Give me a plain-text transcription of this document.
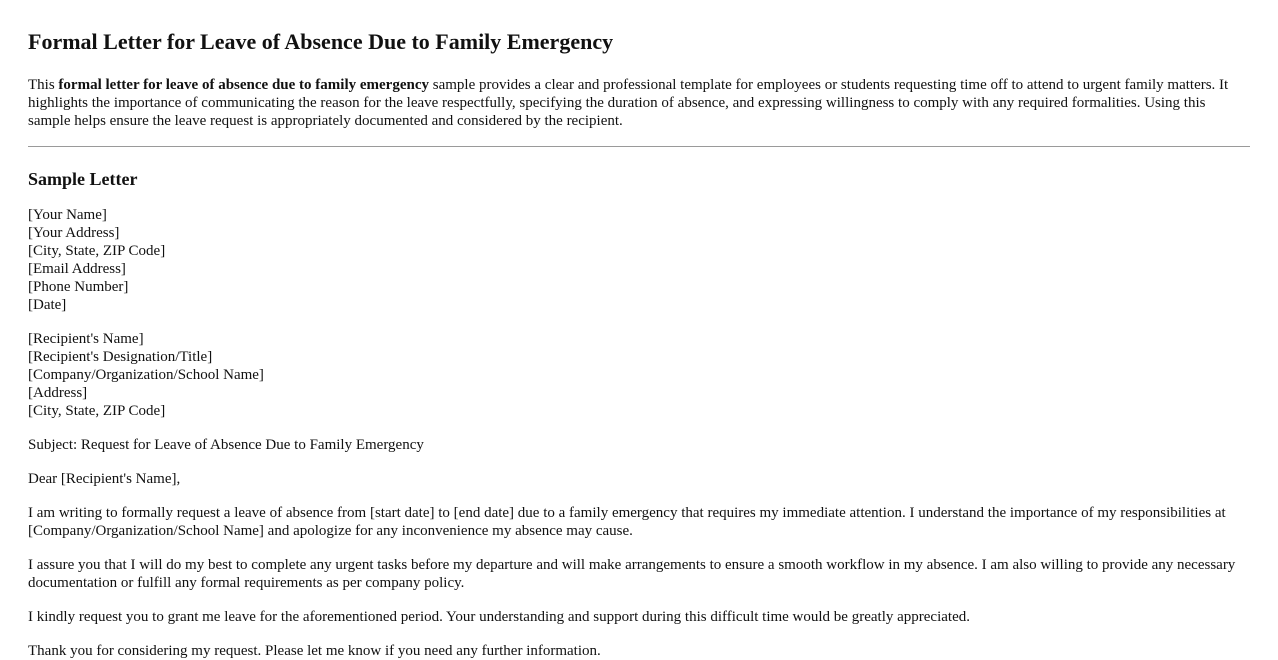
Formal Letter for Leave of Absence Due to Family Emergency

This formal letter for leave of absence due to family emergency sample provides a clear and professional template for employees or students requesting time off to attend to urgent family matters. It highlights the importance of communicating the reason for the leave respectfully, specifying the duration of absence, and expressing willingness to comply with any required formalities. Using this sample helps ensure the leave request is appropriately documented and considered by the recipient.

Sample Letter
[Your Name]
[Your Address]
[City, State, ZIP Code]
[Email Address]
[Phone Number]
[Date]
[Recipient's Name]
[Recipient's Designation/Title]
[Company/Organization/School Name]
[Address]
[City, State, ZIP Code]

Subject: Request for Leave of Absence Due to Family Emergency

Dear [Recipient's Name],

I am writing to formally request a leave of absence from [start date] to [end date] due to a family emergency that requires my immediate attention. I understand the importance of my responsibilities at [Company/Organization/School Name] and apologize for any inconvenience my absence may cause.

I assure you that I will do my best to complete any urgent tasks before my departure and will make arrangements to ensure a smooth workflow in my absence. I am also willing to provide any necessary documentation or fulfill any formal requirements as per company policy.

I kindly request you to grant me leave for the aforementioned period. Your understanding and support during this difficult time would be greatly appreciated.

Thank you for considering my request. Please let me know if you need any further information.
